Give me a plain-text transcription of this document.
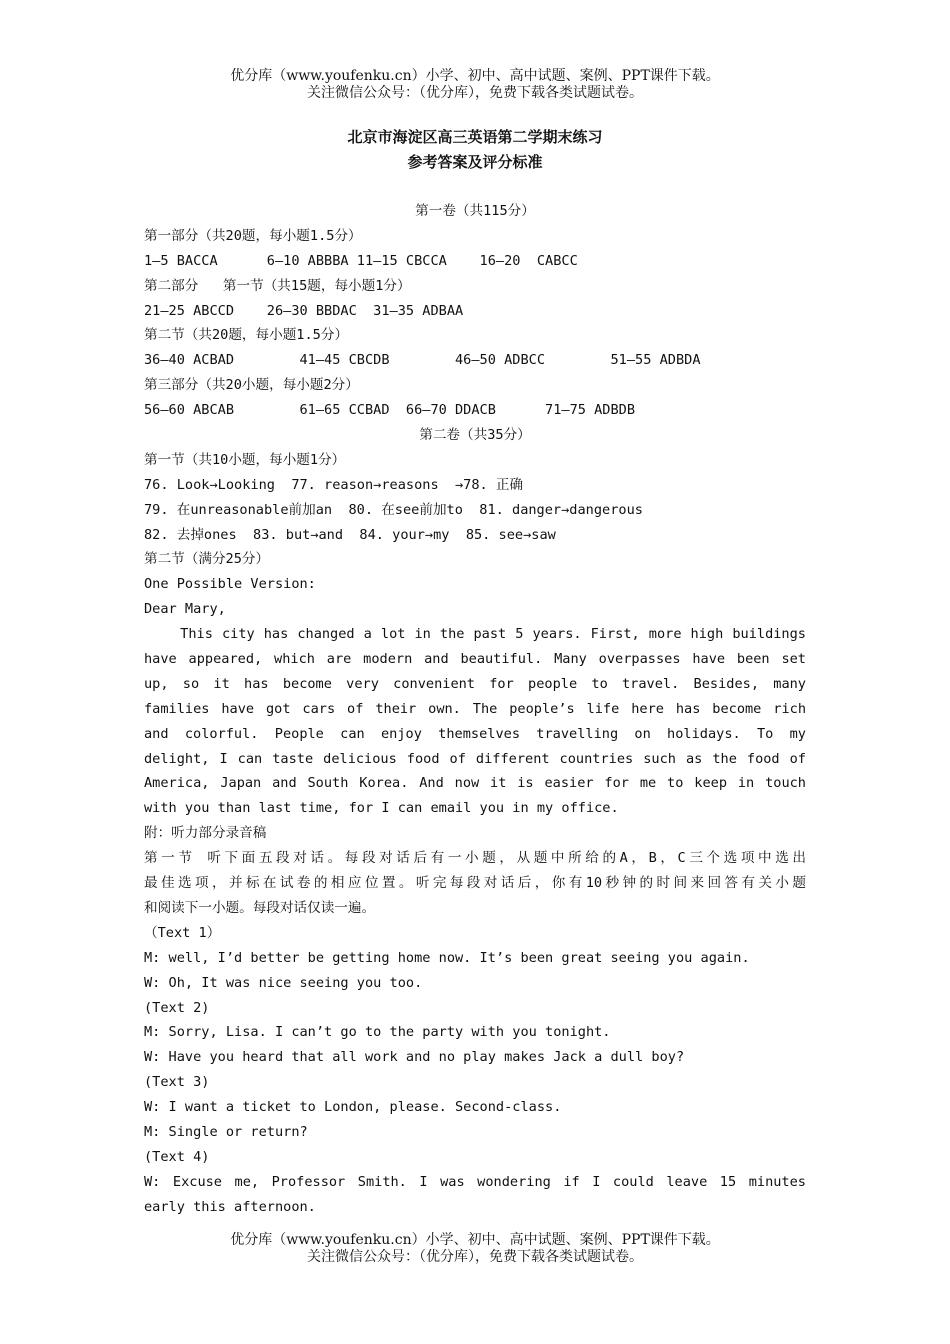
优分库（www.youfenku.cn）小学、初中、高中试题、案例、PPT课件下载。
关注微信公众号：（优分库），免费下载各类试题试卷。
北京市海淀区高三英语第二学期末练习
参考答案及评分标准
第一卷（共115分）
第一部分（共20题，每小题1.5分）
1—5 BACCA      6—10 ABBBA 11—15 CBCCA    16—20  CABCC
第二部分   第一节（共15题，每小题1分）
21—25 ABCCD    26—30 BBDAC  31—35 ADBAA
第二节（共20题，每小题1.5分）
36—40 ACBAD        41—45 CBCDB        46—50 ADBCC        51—55 ADBDA
第三部分（共20小题，每小题2分）
56—60 ABCAB        61—65 CCBAD  66—70 DDACB      71—75 ADBDB
第二卷（共35分）
第一节（共10小题，每小题1分）
76. Look→Looking  77. reason→reasons  →78. 正确
79. 在unreasonable前加an  80. 在see前加to  81. danger→dangerous
82. 去掉ones  83. but→and  84. your→my  85. see→saw
第二节（满分25分）
One Possible Version:
Dear Mary,
This city has changed a lot in the past 5 years. First, more high buildings
have appeared, which are modern and beautiful. Many overpasses have been set
up, so it has become very convenient for people to travel. Besides, many
families have got cars of their own. The people’s life here has become rich
and colorful. People can enjoy themselves travelling on holidays. To my
delight, I can taste delicious food of different countries such as the food of
America, Japan and South Korea. And now it is easier for me to keep in touch
with you than last time, for I can email you in my office.
附：听力部分录音稿
第一节 听下面五段对话。每段对话后有一小题，从题中所给的A，B，C三个选项中选出
最佳选项，并标在试卷的相应位置。听完每段对话后，你有10秒钟的时间来回答有关小题
和阅读下一小题。每段对话仅读一遍。
（Text 1）
M: well, I’d better be getting home now. It’s been great seeing you again.
W: Oh, It was nice seeing you too.
(Text 2)
M: Sorry, Lisa. I can’t go to the party with you tonight.
W: Have you heard that all work and no play makes Jack a dull boy?
(Text 3)
W: I want a ticket to London, please. Second-class.
M: Single or return?
(Text 4)
W: Excuse me, Professor Smith. I was wondering if I could leave 15 minutes
early this afternoon.
优分库（www.youfenku.cn）小学、初中、高中试题、案例、PPT课件下载。
关注微信公众号：（优分库），免费下载各类试题试卷。
